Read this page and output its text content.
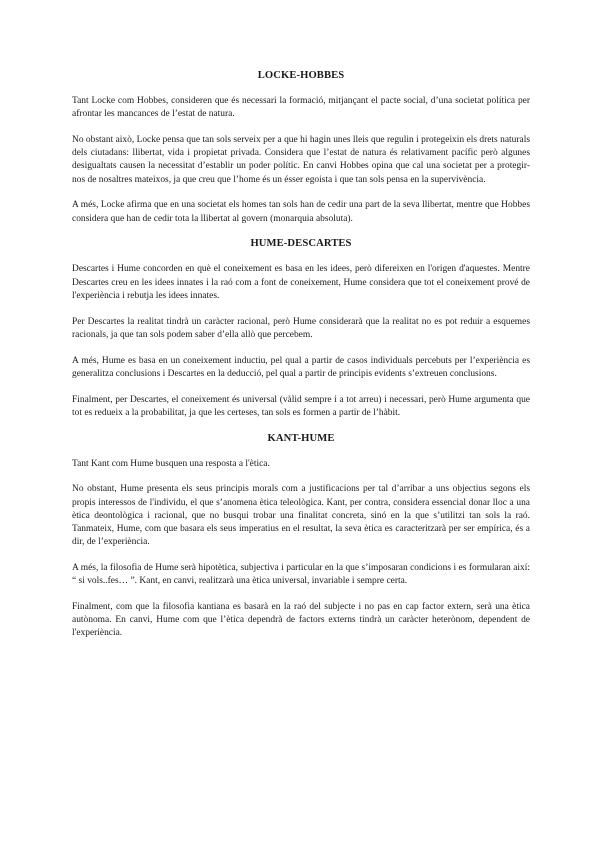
LOCKE-HOBBES

Tant Locke com Hobbes, consideren que és necessari la formació, mitjançant el pacte social, d’una societat política per afrontar les mancances de l’estat de natura.

No obstant això, Locke pensa que tan sols serveix per a que hi hagin unes lleis que regulin i protegeixin els drets naturals dels ciutadans: llibertat, vida i propietat privada. Considera que l’estat de natura és relativament pacífic però algunes desigualtats causen la necessitat d’establir un poder polític. En canvi Hobbes opina que cal una societat per a protegir-nos de nosaltres mateixos, ja que creu que l’home és un ésser egoista i que tan sols pensa en la supervivència.

A més, Locke afirma que en una societat els homes tan sols han de cedir una part de la seva llibertat, mentre que Hobbes considera que han de cedir tota la llibertat al govern (monarquia absoluta).

HUME-DESCARTES

Descartes i Hume concorden en què el coneixement es basa en les idees, però difereixen en l'origen d'aquestes. Mentre Descartes creu en les idees innates i la raó com a font de coneixement, Hume considera que tot el coneixement prové de l'experiència i rebutja les idees innates.

Per Descartes la realitat tindrà un caràcter racional, però Hume considerarà que la realitat no es pot reduir a esquemes racionals, ja que tan sols podem saber d’ella allò que percebem.

A més, Hume es basa en un coneixement inductiu, pel qual a partir de casos individuals percebuts per l’experiència es generalitza conclusions i Descartes en la deducció, pel qual a partir de principis evidents s’extreuen conclusions.

Finalment, per Descartes, el coneixement és universal (vàlid sempre i a tot arreu) i necessari, però Hume argumenta que tot es redueix a la probabilitat, ja que les certeses, tan sols es formen a partir de l’hàbit.

KANT-HUME

Tant Kant com Hume busquen una resposta a l'ètica.

No obstant, Hume presenta els seus principis morals com a justificacions per tal d’arribar a uns objectius segons els propis interessos de l'individu, el que s’anomena ètica teleològica. Kant, per contra, considera essencial donar lloc a una ètica deontològica i racional, que no busqui trobar una finalitat concreta, sinó en la que s’utilitzi tan sols la raó. Tanmateix, Hume, com que basara els seus imperatius en el resultat, la seva ètica es caracteritzarà per ser empírica, és a dir, de l’experiència.

A més, la filosofia de Hume serà hipotètica, subjectiva i particular en la que s’imposaran condicions i es formularan així: “ si vols..fes… ”. Kant, en canvi, realitzarà una ètica universal, invariable i sempre certa.

Finalment, com que la filosofia kantiana es basarà en la raó del subjecte i no pas en cap factor extern, serà una ètica autònoma. En canvi, Hume com que l’ètica dependrà de factors externs tindrà un caràcter heterònom, dependent de l'experiència.
